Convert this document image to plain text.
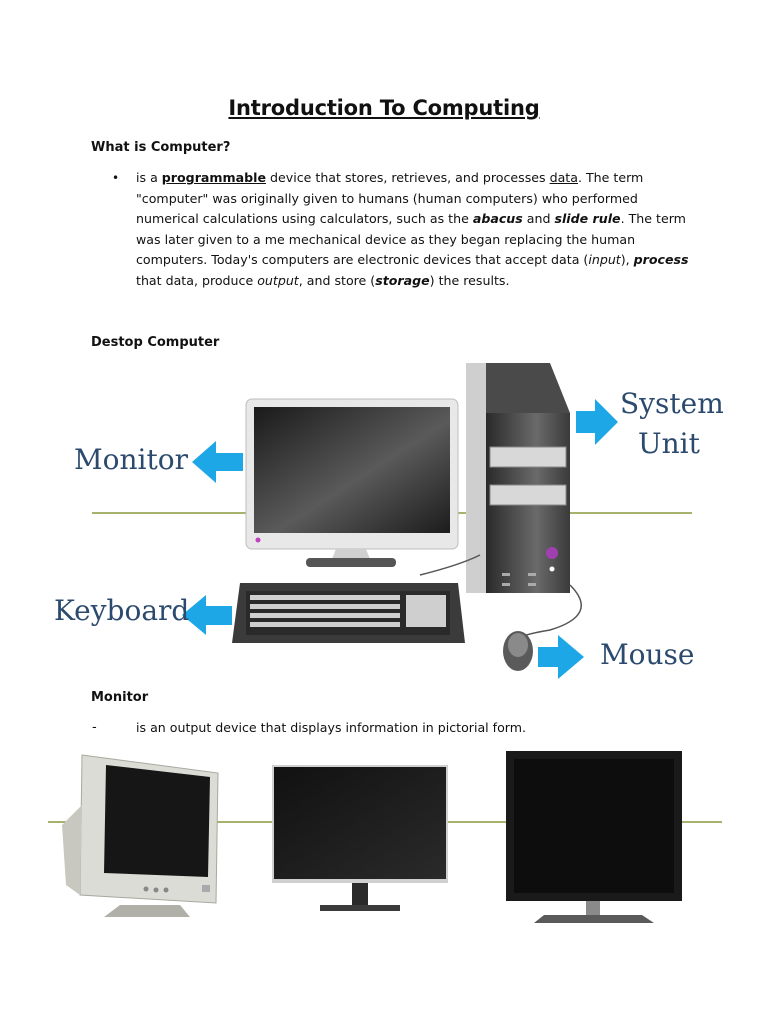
Introduction To Computing
What is Computer?
• is a programmable device that stores, retrieves, and processes data. The term "computer" was originally given to humans (human computers) who performed numerical calculations using calculators, such as the abacus and slide rule. The term was later given to a me mechanical device as they began replacing the human computers. Today's computers are electronic devices that accept data (input), process that data, produce output, and store (storage) the results.
Destop Computer
Monitor
System
Unit
Keyboard
Mouse
Monitor
-	is an output device that displays information in pictorial form.
